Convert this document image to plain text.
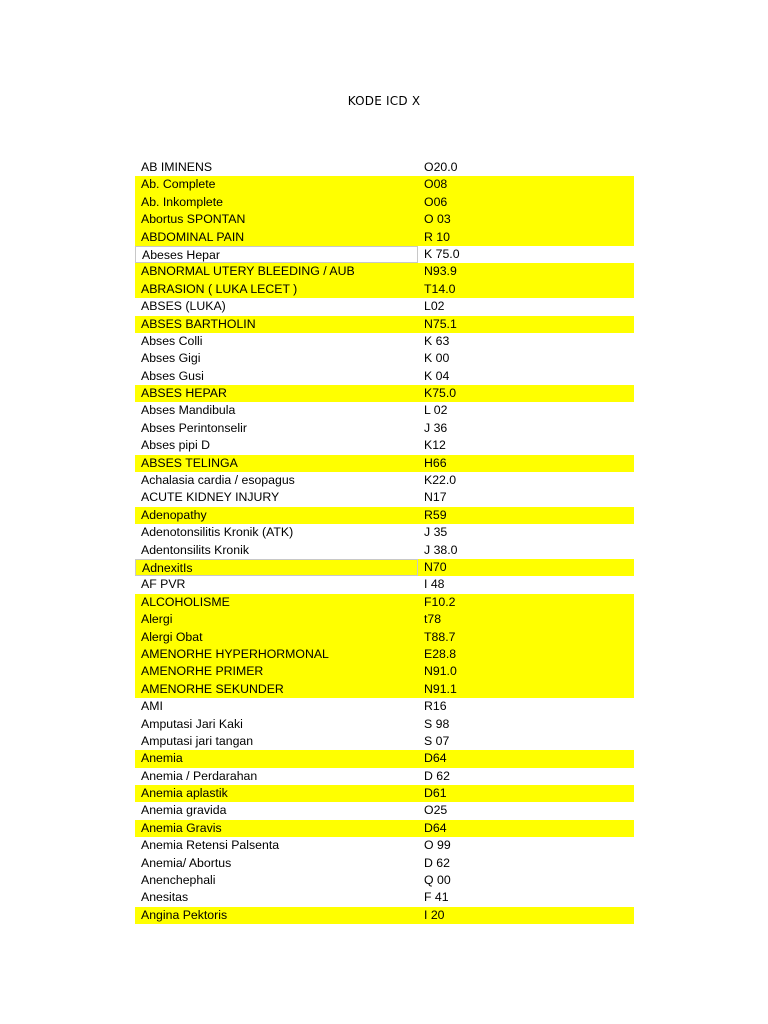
KODE ICD X
AB IMINENS	O20.0
Ab. Complete	O08
Ab. Inkomplete	O06
Abortus SPONTAN	O 03
ABDOMINAL PAIN	R 10
Abeses Hepar	K 75.0
ABNORMAL UTERY BLEEDING / AUB	N93.9
ABRASION ( LUKA LECET )	T14.0
ABSES (LUKA)	L02
ABSES BARTHOLIN	N75.1
Abses Colli	K 63
Abses Gigi	K 00
Abses Gusi	K 04
ABSES HEPAR	K75.0
Abses Mandibula	L 02
Abses Perintonselir	J 36
Abses pipi D	K12
ABSES TELINGA	H66
Achalasia cardia / esopagus	K22.0
ACUTE KIDNEY INJURY	N17
Adenopathy	R59
Adenotonsilitis Kronik (ATK)	J 35
Adentonsilits Kronik	J 38.0
AdnexitIs	N70
AF PVR	I 48
ALCOHOLISME	F10.2
Alergi	t78
Alergi Obat	T88.7
AMENORHE HYPERHORMONAL	E28.8
AMENORHE PRIMER	N91.0
AMENORHE SEKUNDER	N91.1
AMI	R16
Amputasi Jari Kaki	S 98
Amputasi jari tangan	S 07
Anemia	D64
Anemia / Perdarahan	D 62
Anemia aplastik	D61
Anemia gravida	O25
Anemia Gravis	D64
Anemia Retensi Palsenta	O 99
Anemia/ Abortus	D 62
Anenchephali	Q 00
Anesitas	F 41
Angina Pektoris	I 20
